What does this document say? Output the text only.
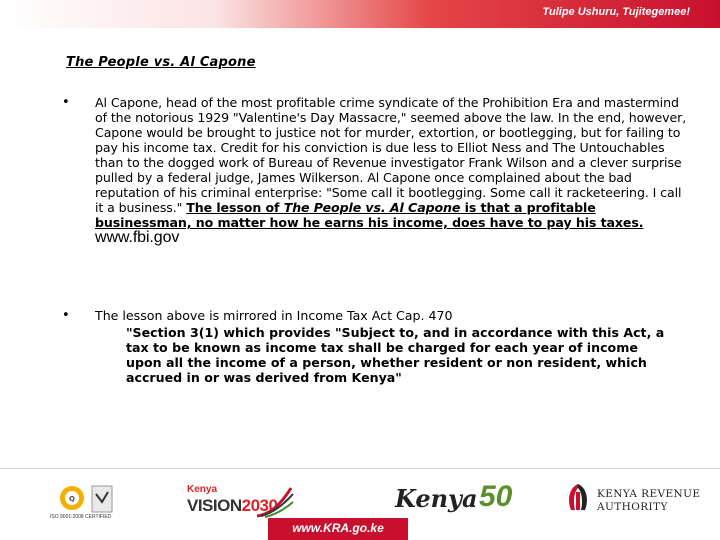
Tulipe Ushuru, Tujitegemee!
The People vs. Al Capone
• Al Capone, head of the most profitable crime syndicate of the Prohibition Era and mastermind of the notorious 1929 "Valentine's Day Massacre," seemed above the law. In the end, however, Capone would be brought to justice not for murder, extortion, or bootlegging, but for failing to pay his income tax. Credit for his conviction is due less to Elliot Ness and The Untouchables than to the dogged work of Bureau of Revenue investigator Frank Wilson and a clever surprise pulled by a federal judge, James Wilkerson. Al Capone once complained about the bad reputation of his criminal enterprise: "Some call it bootlegging. Some call it racketeering. I call it a business." The lesson of The People vs. Al Capone is that a profitable businessman, no matter how he earns his income, does have to pay his taxes. www.fbi.gov
• The lesson above is mirrored in Income Tax Act Cap. 470
"Section 3(1) which provides "Subject to, and in accordance with this Act, a tax to be known as income tax shall be charged for each year of income upon all the income of a person, whether resident or non resident, which accrued in or was derived from Kenya"
Q
ISO 9001:2008 CERTIFIED
Kenya
VISION2030	Kenya 50	KENYA REVENUE
AUTHORITY
www.KRA.go.ke
